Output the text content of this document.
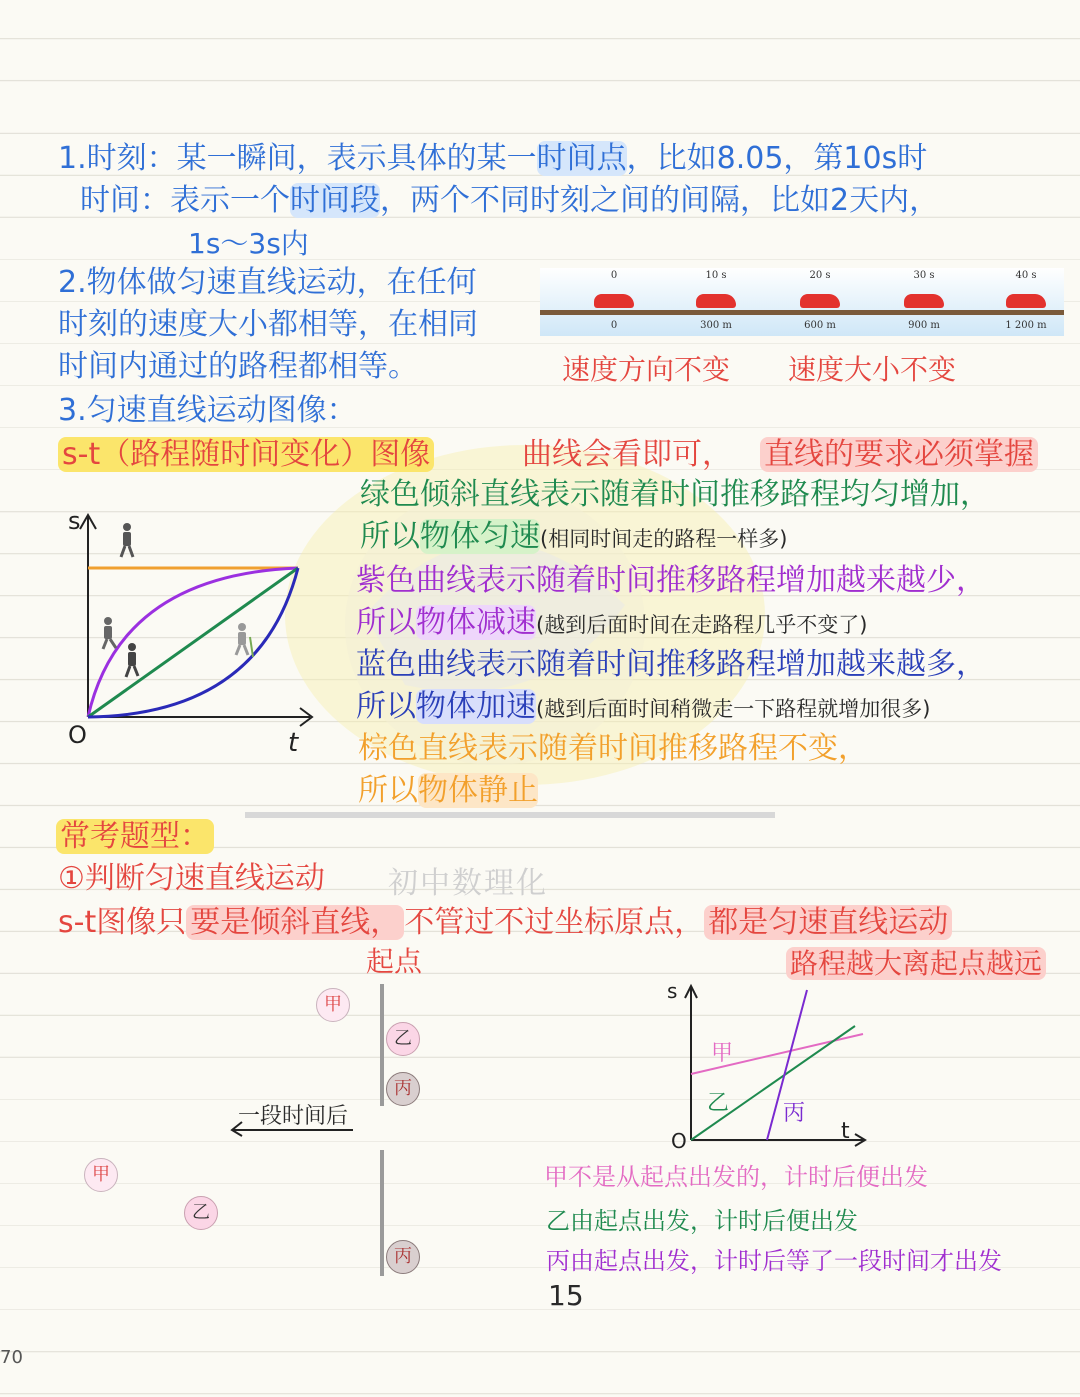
1.时刻：某一瞬间，表示具体的某一时间点，比如8.05，第10s时
时间：表示一个时间段，两个不同时刻之间的间隔，比如2天内，
1s～3s内
2.物体做匀速直线运动，在任何
时刻的速度大小都相等，在相同
时间内通过的路程都相等。
0
0
10 s
300 m
20 s
600 m
30 s
900 m
40 s
1 200 m
速度方向不变 速度大小不变
3.匀速直线运动图像：
s-t（路程随时间变化）图像	曲线会看即可， 直线的要求必须掌握
绿色倾斜直线表示随着时间推移路程均匀增加，
所以物体匀速(相同时间走的路程一样多)
紫色曲线表示随着时间推移路程增加越来越少，
所以物体减速(越到后面时间在走路程几乎不变了)
蓝色曲线表示随着时间推移路程增加越来越多，
所以物体加速(越到后面时间稍微走一下路程就增加很多)
棕色直线表示随着时间推移路程不变，
所以物体静止
s
t
O
常考题型：
①判断匀速直线运动 初中数理化
s-t图像只 要是倾斜直线， 不管过不过坐标原点， 都是匀速直线运动
起点	路程越大离起点越远
一段时间后
甲
乙
丙
甲
乙
丙
s
t
O
甲
乙 丙
甲不是从起点出发的，计时后便出发
乙由起点出发，计时后便出发
丙由起点出发，计时后等了一段时间才出发
15
70
